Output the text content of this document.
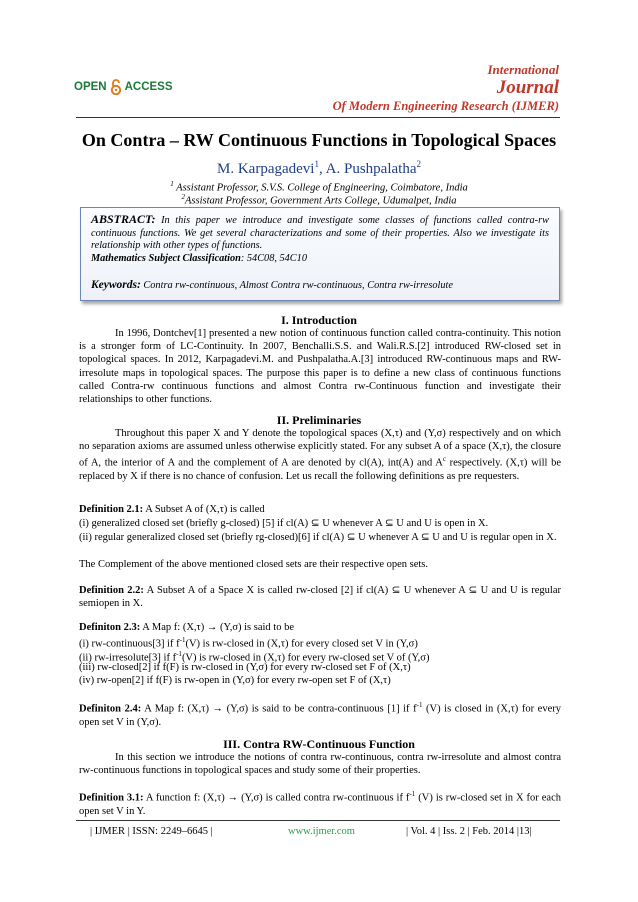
OPEN ACCESS
International
Journal
Of Modern Engineering Research (IJMER)
On Contra – RW Continuous Functions in Topological Spaces
M. Karpagadevi$^1$, A. Pushpalatha$^2$
$^1$ Assistant Professor, S.V.S. College of Engineering, Coimbatore, India
$^2$Assistant Professor, Government Arts College, Udumalpet, India
ABSTRACT: In this paper we introduce and investigate some classes of functions called contra-rw continuous functions. We get several characterizations and some of their properties. Also we investigate its relationship with other types of functions.
Mathematics Subject Classification: 54C08, 54C10
Keywords: Contra rw-continuous, Almost Contra rw-continuous, Contra rw-irresolute
I. Introduction
In 1996, Dontchev[1] presented a new notion of continuous function called contra-continuity. This notion is a stronger form of LC-Continuity. In 2007, Benchalli.S.S. and Wali.R.S.[2] introduced RW-closed set in topological spaces. In 2012, Karpagadevi.M. and Pushpalatha.A.[3] introduced RW-continuous maps and RW-irresolute maps in topological spaces. The purpose this paper is to define a new class of continuous functions called Contra-rw continuous functions and almost Contra rw-Continuous function and investigate their relationships to other functions.
II. Preliminaries
Throughout this paper X and Y denote the topological spaces (X,τ) and (Y,σ) respectively and on which no separation axioms are assumed unless otherwise explicitly stated. For any subset A of a space (X,τ), the closure of A, the interior of A and the complement of A are denoted by cl(A), int(A) and $A^c$ respectively. (X,τ) will be replaced by X if there is no chance of confusion. Let us recall the following definitions as pre requesters.
Definition 2.1: A Subset A of (X,τ) is called
(i) generalized closed set (briefly g-closed) [5] if cl(A) ⊆ U whenever A ⊆ U and U is open in X.
(ii) regular generalized closed set (briefly rg-closed)[6] if cl(A) ⊆ U whenever A ⊆ U and U is regular open in X.
The Complement of the above mentioned closed sets are their respective open sets.
Definition 2.2: A Subset A of a Space X is called rw-closed [2] if cl(A) ⊆ U whenever A ⊆ U and U is regular semiopen in X.
Definiton 2.3: A Map f: (X,τ) → (Y,σ) is said to be
(i) rw-continuous[3] if $f^{-1}(V)$ is rw-closed in (X,τ) for every closed set V in (Y,σ)
(ii) rw-irresolute[3] if $f^{-1}(V)$ is rw-closed in (X,τ) for every rw-closed set V of (Y,σ)
(iii) rw-closed[2] if f(F) is rw-closed in (Y,σ) for every rw-closed set F of (X,τ)
(iv) rw-open[2] if f(F) is rw-open in (Y,σ) for every rw-open set F of (X,τ)
Definiton 2.4: A Map f: (X,τ) → (Y,σ) is said to be contra-continuous [1] if $f^{-1}$ (V) is closed in (X,τ) for every open set V in (Y,σ).
III. Contra RW-Continuous Function
In this section we introduce the notions of contra rw-continuous, contra rw-irresolute and almost contra rw-continuous functions in topological spaces and study some of their properties.
Definition 3.1: A function f: (X,τ) → (Y,σ) is called contra rw-continuous if $f^{-1}$ (V) is rw-closed set in X for each open set V in Y.
| IJMER | ISSN: 2249–6645 |	www.ijmer.com	| Vol. 4 | Iss. 2 | Feb. 2014 |13|
